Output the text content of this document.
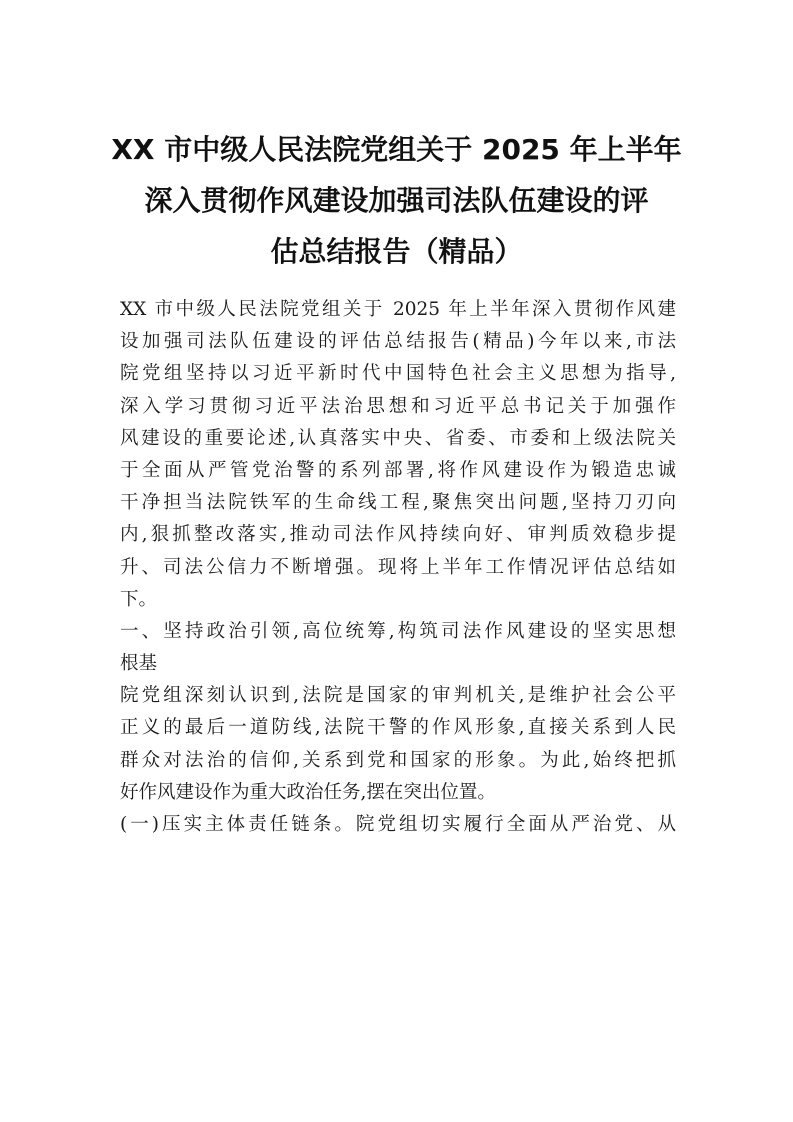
XX 市中级人民法院党组关于 2025 年上半年
深入贯彻作风建设加强司法队伍建设的评
估总结报告（精品）
XX 市中级人民法院党组关于 2025 年上半年深入贯彻作风建
设加强司法队伍建设的评估总结报告(精品)今年以来,市法
院党组坚持以习近平新时代中国特色社会主义思想为指导,
深入学习贯彻习近平法治思想和习近平总书记关于加强作
风建设的重要论述,认真落实中央、省委、市委和上级法院关
于全面从严管党治警的系列部署,将作风建设作为锻造忠诚
干净担当法院铁军的生命线工程,聚焦突出问题,坚持刀刃向
内,狠抓整改落实,推动司法作风持续向好、审判质效稳步提
升、司法公信力不断增强。现将上半年工作情况评估总结如
下。
一、坚持政治引领,高位统筹,构筑司法作风建设的坚实思想
根基
院党组深刻认识到,法院是国家的审判机关,是维护社会公平
正义的最后一道防线,法院干警的作风形象,直接关系到人民
群众对法治的信仰,关系到党和国家的形象。为此,始终把抓
好作风建设作为重大政治任务,摆在突出位置。
(一)压实主体责任链条。院党组切实履行全面从严治党、从
